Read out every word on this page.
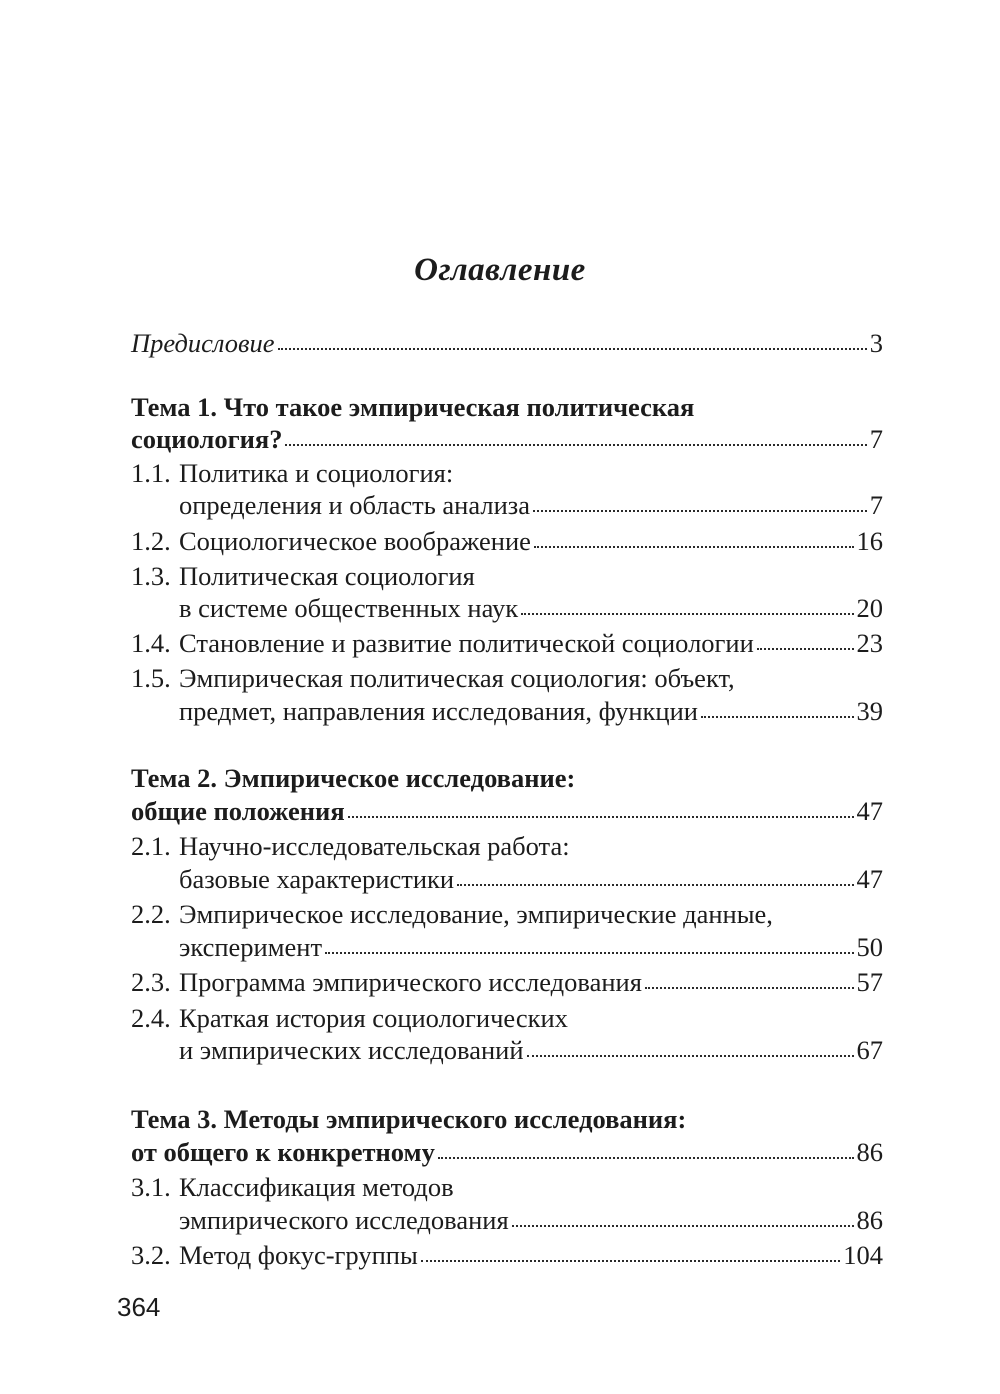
Оглавление
Предисловие	3
Тема 1. Что такое эмпирическая политическая
социология?	7
1.1. Политика и социология:
определения и область анализа	7
1.2. Социологическое воображение	16
1.3. Политическая социология
в системе общественных наук	20
1.4. Становление и развитие политической социологии	23
1.5. Эмпирическая политическая социология: объект,
предмет, направления исследования, функции	39
Тема 2. Эмпирическое исследование:
общие положения	47
2.1. Научно-исследовательская работа:
базовые характеристики	47
2.2. Эмпирическое исследование, эмпирические данные,
эксперимент	50
2.3. Программа эмпирического исследования	57
2.4. Краткая история социологических
и эмпирических исследований	67
Тема 3. Методы эмпирического исследования:
от общего к конкретному	86
3.1. Классификация методов
эмпирического исследования	86
3.2. Метод фокус-группы	104
364
